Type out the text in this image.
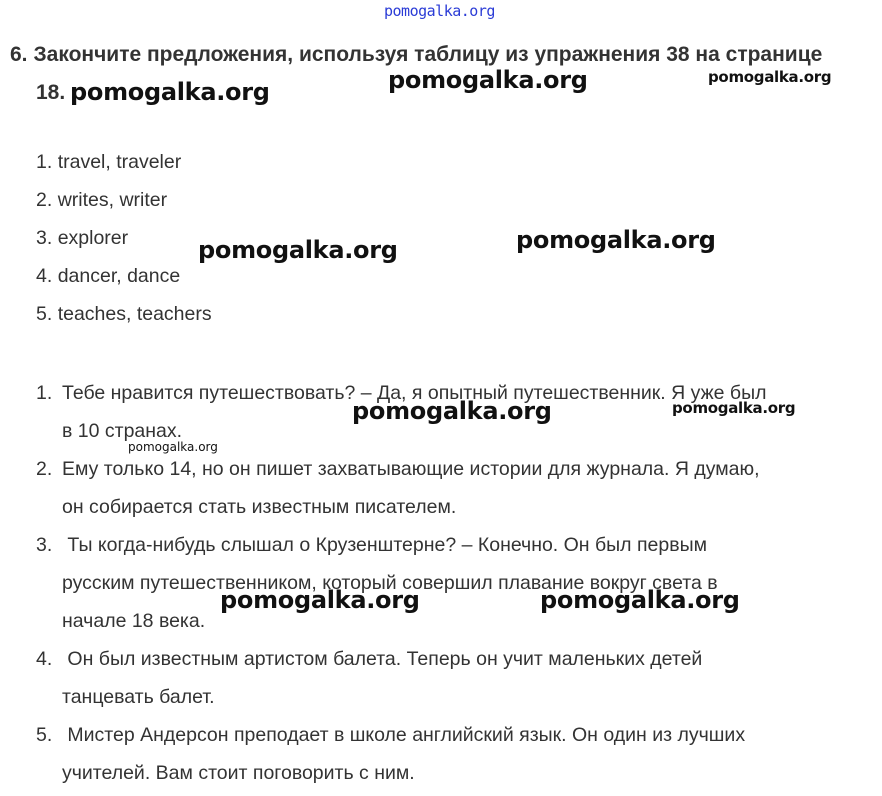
pomogalka.org
6. Закончите предложения, используя таблицу из упражнения 38 на странице
18.
1. travel, traveler
2. writes, writer
3. explorer
4. dancer, dance
5. teaches, teachers
1. Тебе нравится путешествовать? – Да, я опытный путешественник. Я уже был
в 10 странах.
2. Ему только 14, но он пишет захватывающие истории для журнала. Я думаю,
он собирается стать известным писателем.
3. Ты когда-нибудь слышал о Крузенштерне? – Конечно. Он был первым
русским путешественником, который совершил плавание вокруг света в
начале 18 века.
4. Он был известным артистом балета. Теперь он учит маленьких детей
танцевать балет.
5. Мистер Андерсон преподает в школе английский язык. Он один из лучших
учителей. Вам стоит поговорить с ним.
pomogalka.org	pomogalka.org	pomogalka.org
pomogalka.org	pomogalka.org
pomogalka.org	pomogalka.org
pomogalka.org
pomogalka.org	pomogalka.org
